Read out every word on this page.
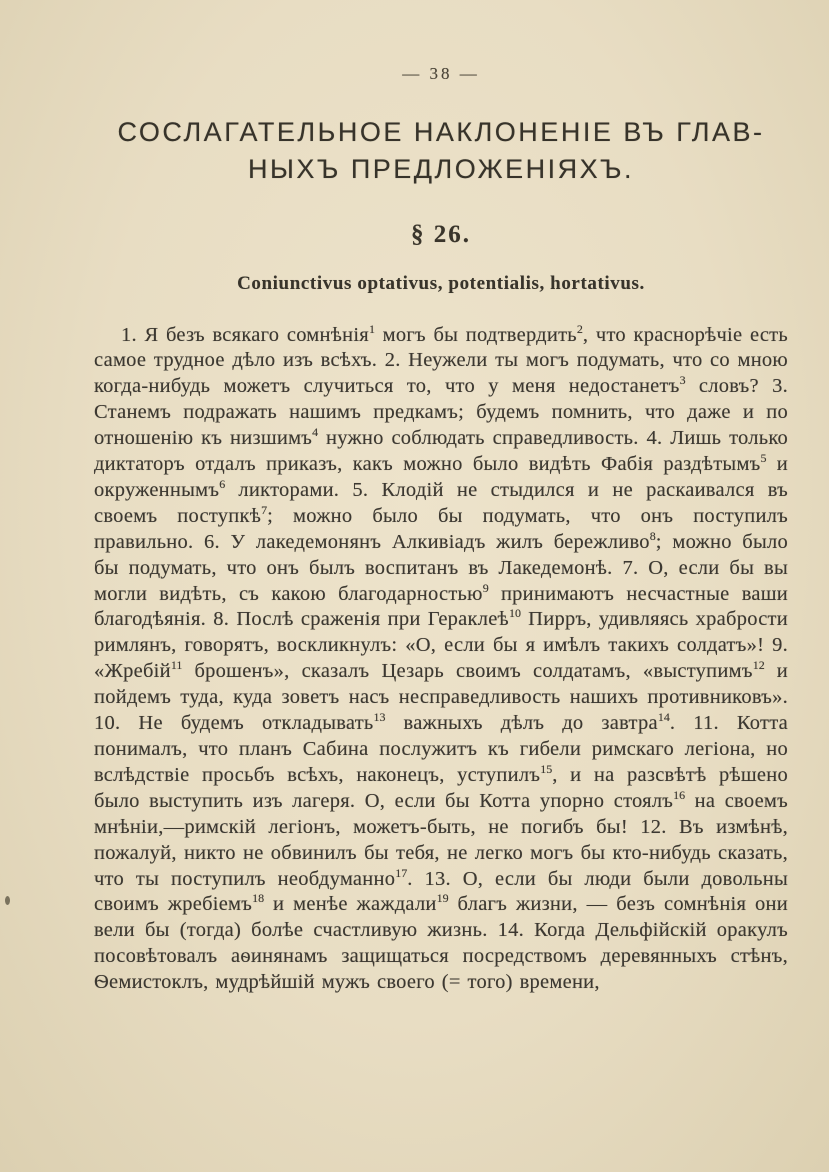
— 38 —
СОСЛАГАТЕЛЬНОЕ НАКЛОНЕНІЕ ВЪ ГЛАВ-
НЫХЪ ПРЕДЛОЖЕНІЯХЪ.
§ 26.
Coniunctivus optativus, potentialis, hortativus.
1. Я безъ всякаго сомнѣнія$^1$ могъ бы подтвердить$^2$, что краснорѣчіе есть самое трудное дѣло изъ всѣхъ. 2. Неужели ты могъ подумать, что со мною когда-нибудь можетъ случиться то, что у меня недостанетъ$^3$ словъ? 3. Станемъ подражать нашимъ предкамъ; будемъ помнить, что даже и по отношенію къ низшимъ$^4$ нужно соблюдать справедливость. 4. Лишь только диктаторъ отдалъ приказъ, какъ можно было видѣть Фабія раздѣтымъ$^5$ и окруженнымъ$^6$ ликторами. 5. Клодій не стыдился и не раскаивался въ своемъ поступкѣ$^7$; можно было бы подумать, что онъ поступилъ правильно. 6. У лакедемонянъ Алкивіадъ жилъ бережливо$^8$; можно было бы подумать, что онъ былъ воспитанъ въ Лакедемонѣ. 7. О, если бы вы могли видѣть, съ какою благодарностью$^9$ принимаютъ несчастные ваши благодѣянія. 8. Послѣ сраженія при Гераклеѣ$^{10}$ Пирръ, удивляясь храбрости римлянъ, говорятъ, воскликнулъ: «О, если бы я имѣлъ такихъ солдатъ»! 9. «Жребій$^{11}$ брошенъ», сказалъ Цезарь своимъ солдатамъ, «выступимъ$^{12}$ и пойдемъ туда, куда зоветъ насъ несправедливость нашихъ противниковъ». 10. Не будемъ откладывать$^{13}$ важныхъ дѣлъ до завтра$^{14}$. 11. Котта понималъ, что планъ Сабина послужитъ къ гибели римскаго легіона, но вслѣдствіе просьбъ всѣхъ, наконецъ, уступилъ$^{15}$, и на разсвѣтѣ рѣшено было выступить изъ лагеря. О, если бы Котта упорно стоялъ$^{16}$ на своемъ мнѣніи,—римскій легіонъ, можетъ-быть, не погибъ бы! 12. Въ измѣнѣ, пожалуй, никто не обвинилъ бы тебя, не легко могъ бы кто-нибудь сказать, что ты поступилъ необдуманно$^{17}$. 13. О, если бы люди были довольны своимъ жребіемъ$^{18}$ и менѣе жаждали$^{19}$ благъ жизни, — безъ сомнѣнія они вели бы (тогда) болѣе счастливую жизнь. 14. Когда Дельфійскій оракулъ посовѣтовалъ аѳинянамъ защищаться посредствомъ деревянныхъ стѣнъ, Ѳемистоклъ, мудрѣйшій мужъ своего (= того) времени,
